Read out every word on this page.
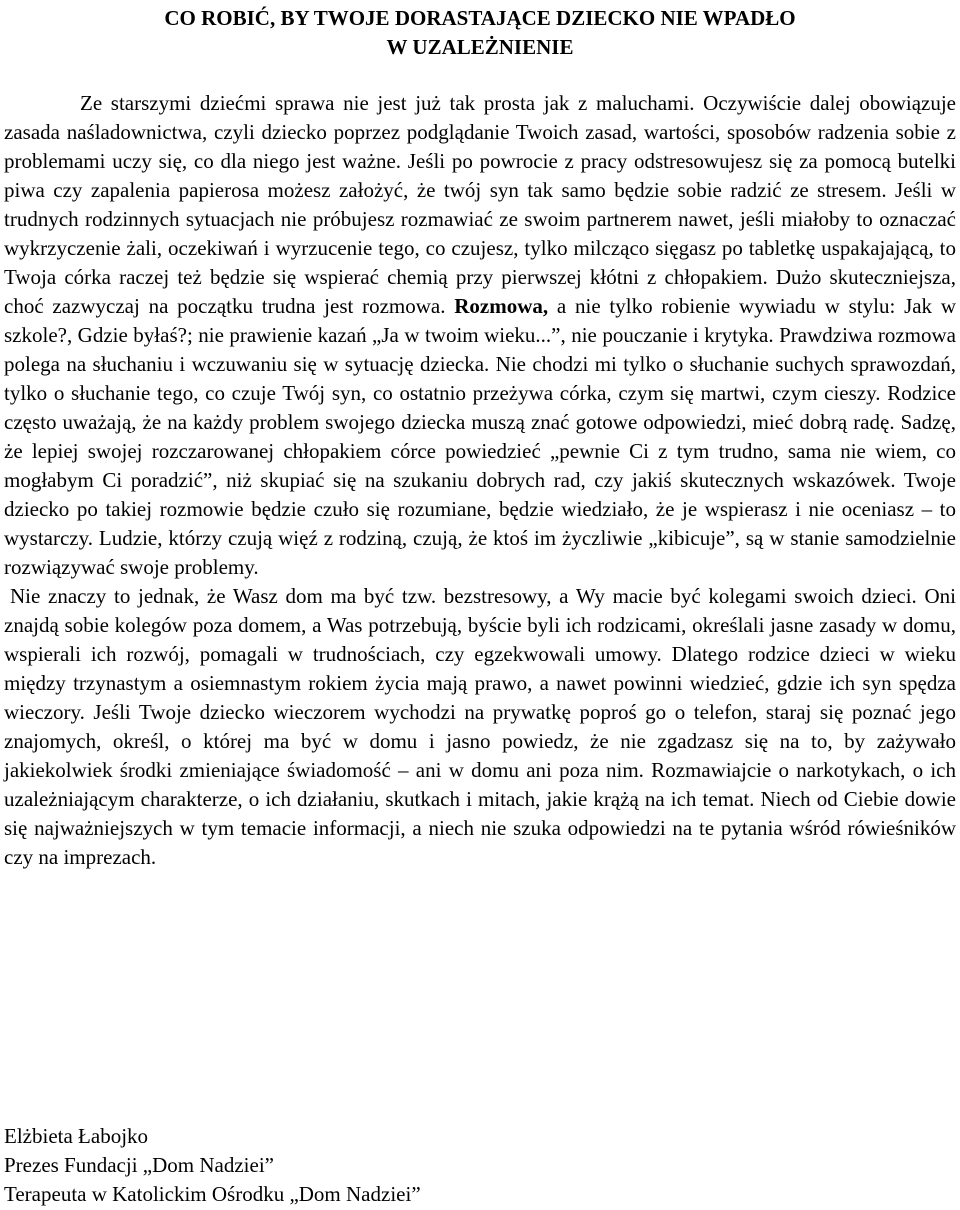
CO ROBIĆ, BY TWOJE DORASTAJĄCE DZIECKO NIE WPADŁO
W UZALEŻNIENIE

Ze starszymi dziećmi sprawa nie jest już tak prosta jak z maluchami. Oczywiście dalej obowiązuje zasada naśladownictwa, czyli dziecko poprzez podglądanie Twoich zasad, wartości, sposobów radzenia sobie z problemami uczy się, co dla niego jest ważne. Jeśli po powrocie z pracy odstresowujesz się za pomocą butelki piwa czy zapalenia papierosa możesz założyć, że twój syn tak samo będzie sobie radzić ze stresem. Jeśli w trudnych rodzinnych sytuacjach nie próbujesz rozmawiać ze swoim partnerem nawet, jeśli miałoby to oznaczać wykrzyczenie żali, oczekiwań i wyrzucenie tego, co czujesz, tylko milcząco sięgasz po tabletkę uspakajającą, to Twoja córka raczej też będzie się wspierać chemią przy pierwszej kłótni z chłopakiem. Dużo skuteczniejsza, choć zazwyczaj na początku trudna jest rozmowa. Rozmowa, a nie tylko robienie wywiadu w stylu: Jak w szkole?, Gdzie byłaś?; nie prawienie kazań „Ja w twoim wieku...”, nie pouczanie i krytyka. Prawdziwa rozmowa polega na słuchaniu i wczuwaniu się w sytuację dziecka. Nie chodzi mi tylko o słuchanie suchych sprawozdań, tylko o słuchanie tego, co czuje Twój syn, co ostatnio przeżywa córka, czym się martwi, czym cieszy. Rodzice często uważają, że na każdy problem swojego dziecka muszą znać gotowe odpowiedzi, mieć dobrą radę. Sadzę, że lepiej swojej rozczarowanej chłopakiem córce powiedzieć „pewnie Ci z tym trudno, sama nie wiem, co mogłabym Ci poradzić”, niż skupiać się na szukaniu dobrych rad, czy jakiś skutecznych wskazówek. Twoje dziecko po takiej rozmowie będzie czuło się rozumiane, będzie wiedziało, że je wspierasz i nie oceniasz – to wystarczy. Ludzie, którzy czują więź z rodziną, czują, że ktoś im życzliwie „kibicuje”, są w stanie samodzielnie rozwiązywać swoje problemy.

Nie znaczy to jednak, że Wasz dom ma być tzw. bezstresowy, a Wy macie być kolegami swoich dzieci. Oni znajdą sobie kolegów poza domem, a Was potrzebują, byście byli ich rodzicami, określali jasne zasady w domu, wspierali ich rozwój, pomagali w trudnościach, czy egzekwowali umowy. Dlatego rodzice dzieci w wieku między trzynastym a osiemnastym rokiem życia mają prawo, a nawet powinni wiedzieć, gdzie ich syn spędza wieczory. Jeśli Twoje dziecko wieczorem wychodzi na prywatkę poproś go o telefon, staraj się poznać jego znajomych, określ, o której ma być w domu i jasno powiedz, że nie zgadzasz się na to, by zażywało jakiekolwiek środki zmieniające świadomość – ani w domu ani poza nim. Rozmawiajcie o narkotykach, o ich uzależniającym charakterze, o ich działaniu, skutkach i mitach, jakie krążą na ich temat. Niech od Ciebie dowie się najważniejszych w tym temacie informacji, a niech nie szuka odpowiedzi na te pytania wśród rówieśników czy na imprezach.

Elżbieta Łabojko
Prezes Fundacji „Dom Nadziei”
Terapeuta w Katolickim Ośrodku „Dom Nadziei”
